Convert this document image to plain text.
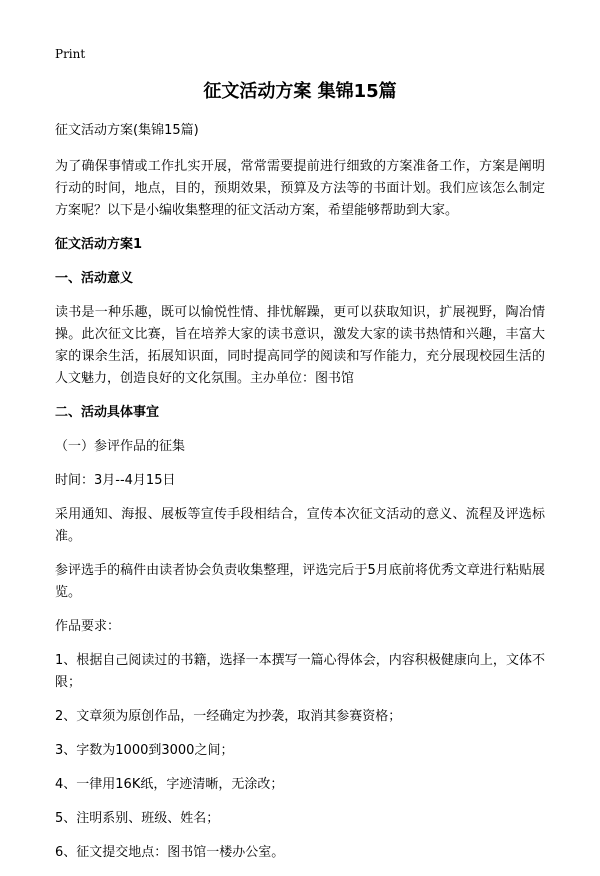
Print
征文活动方案 集锦15篇

征文活动方案(集锦15篇)

为了确保事情或工作扎实开展，常常需要提前进行细致的方案准备工作，方案是阐明行动的时间，地点，目的，预期效果，预算及方法等的书面计划。我们应该怎么制定方案呢？以下是小编收集整理的征文活动方案，希望能够帮助到大家。

征文活动方案1
一、活动意义

读书是一种乐趣，既可以愉悦性情、排忧解躁，更可以获取知识，扩展视野，陶冶情操。此次征文比赛，旨在培养大家的读书意识，激发大家的读书热情和兴趣，丰富大家的课余生活，拓展知识面，同时提高同学的阅读和写作能力，充分展现校园生活的人文魅力，创造良好的文化氛围。主办单位：图书馆

二、活动具体事宜

（一）参评作品的征集

时间：3月--4月15日

采用通知、海报、展板等宣传手段相结合，宣传本次征文活动的意义、流程及评选标准。

参评选手的稿件由读者协会负责收集整理，评选完后于5月底前将优秀文章进行粘贴展览。

作品要求：

1、根据自己阅读过的书籍，选择一本撰写一篇心得体会，内容积极健康向上，文体不限；

2、文章须为原创作品，一经确定为抄袭，取消其参赛资格；

3、字数为1000到3000之间；

4、一律用16K纸，字迹清晰，无涂改；

5、注明系别、班级、姓名；

6、征文提交地点：图书馆一楼办公室。
